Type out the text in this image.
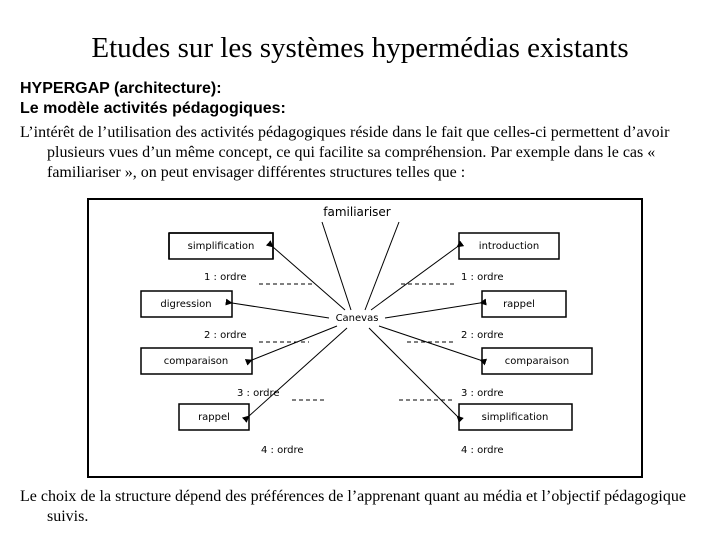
Etudes sur les systèmes hypermédias existants
HYPERGAP (architecture):
Le modèle activités pédagogiques:
L’intérêt de l’utilisation des activités pédagogiques réside dans le fait que celles-ci permettent d’avoir plusieurs vues d’un même concept, ce qui facilite sa compréhension. Par exemple dans le cas « familiariser », on peut envisager différentes structures telles que :
familiariser
Canevas
simplification
digression
comparaison
rappel
introduction
rappel
comparaison
simplification
1 : ordre
2 : ordre
3 : ordre
4 : ordre
1 : ordre
2 : ordre
3 : ordre
4 : ordre
Le choix de la structure dépend des préférences de l’apprenant quant au média et l’objectif pédagogique suivis.
